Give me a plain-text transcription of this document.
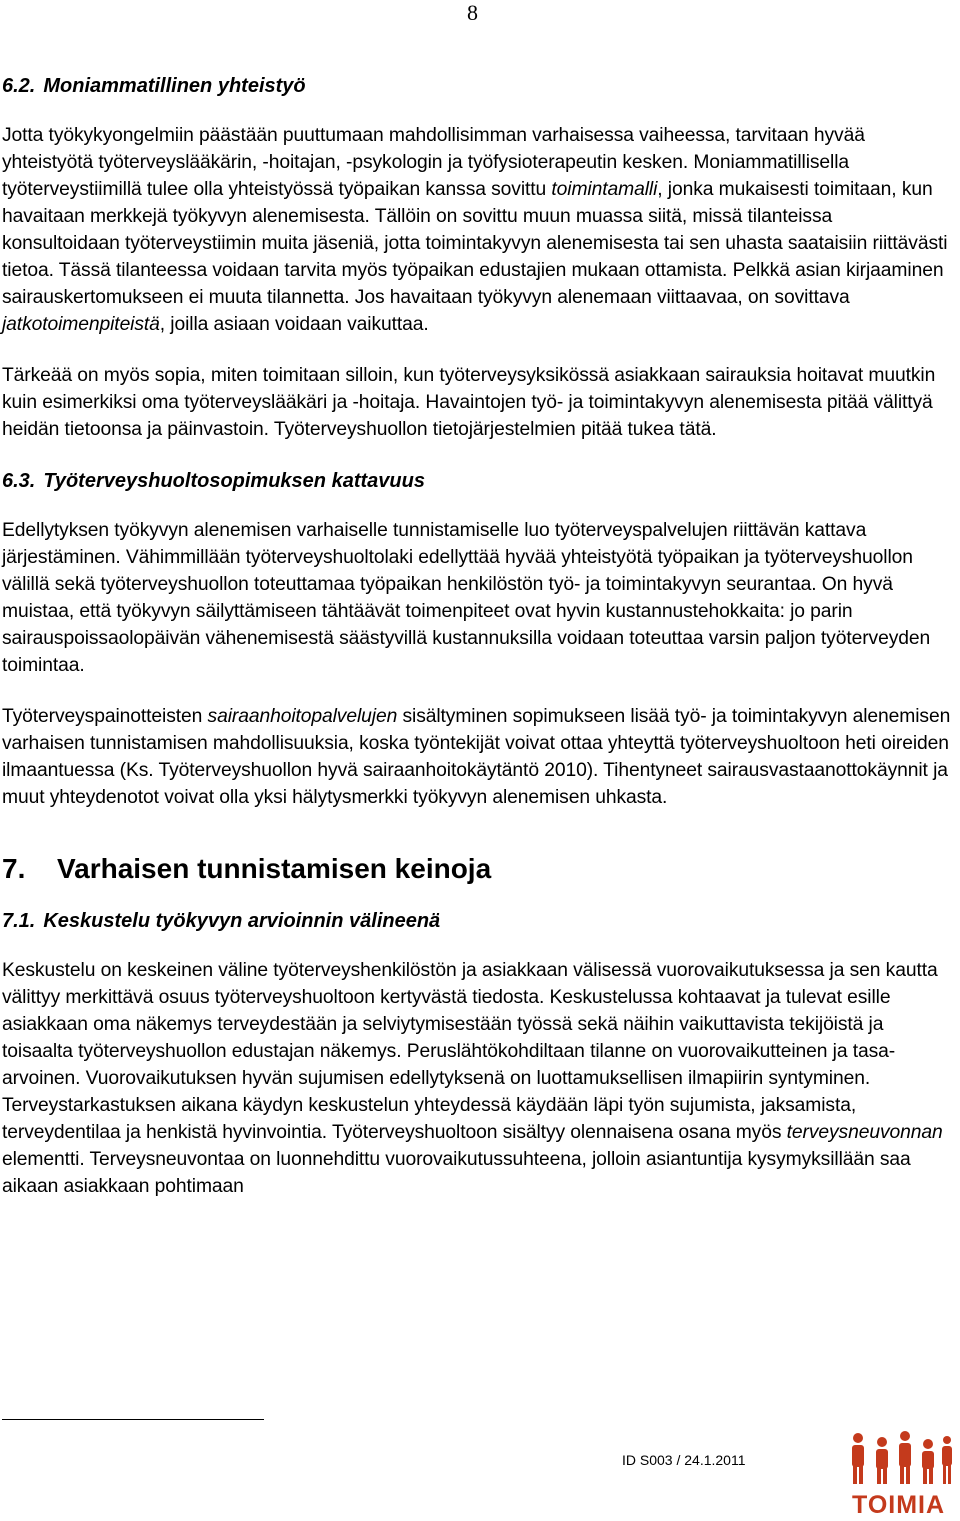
8
6.2. Moniammatillinen yhteistyö

Jotta työkykyongelmiin päästään puuttumaan mahdollisimman varhaisessa vaiheessa, tarvitaan hyvää yhteistyötä työterveyslääkärin, -hoitajan, -psykologin ja työfysioterapeutin kesken. Moniammatillisella työterveystiimillä tulee olla yhteistyössä työpaikan kanssa sovittu toimintamalli, jonka mukaisesti toimitaan, kun havaitaan merkkejä työkyvyn alenemisesta. Tällöin on sovittu muun muassa siitä, missä tilanteissa konsultoidaan työterveystiimin muita jäseniä, jotta toimintakyvyn alenemisesta tai sen uhasta saataisiin riittävästi tietoa. Tässä tilanteessa voidaan tarvita myös työpaikan edustajien mukaan ottamista. Pelkkä asian kirjaaminen sairauskertomukseen ei muuta tilannetta. Jos havaitaan työkyvyn alenemaan viittaavaa, on sovittava jatkotoimenpiteistä, joilla asiaan voidaan vaikuttaa.

Tärkeää on myös sopia, miten toimitaan silloin, kun työterveysyksikössä asiakkaan sairauksia hoitavat muutkin kuin esimerkiksi oma työterveyslääkäri ja -hoitaja. Havaintojen työ- ja toimintakyvyn alenemisesta pitää välittyä heidän tietoonsa ja päinvastoin. Työterveyshuollon tietojärjestelmien pitää tukea tätä.

6.3. Työterveyshuoltosopimuksen kattavuus

Edellytyksen työkyvyn alenemisen varhaiselle tunnistamiselle luo työterveyspalvelujen riittävän kattava järjestäminen. Vähimmillään työterveyshuoltolaki edellyttää hyvää yhteistyötä työpaikan ja työterveyshuollon välillä sekä työterveyshuollon toteuttamaa työpaikan henkilöstön työ- ja toimintakyvyn seurantaa. On hyvä muistaa, että työkyvyn säilyttämiseen tähtäävät toimenpiteet ovat hyvin kustannustehokkaita: jo parin sairauspoissaolopäivän vähenemisestä säästyvillä kustannuksilla voidaan toteuttaa varsin paljon työterveyden toimintaa.

Työterveyspainotteisten sairaanhoitopalvelujen sisältyminen sopimukseen lisää työ- ja toimintakyvyn alenemisen varhaisen tunnistamisen mahdollisuuksia, koska työntekijät voivat ottaa yhteyttä työterveyshuoltoon heti oireiden ilmaantuessa (Ks. Työterveyshuollon hyvä sairaanhoitokäytäntö 2010). Tihentyneet sairausvastaanottokäynnit ja muut yhteydenotot voivat olla yksi hälytysmerkki työkyvyn alenemisen uhkasta.

7. Varhaisen tunnistamisen keinoja
7.1. Keskustelu työkyvyn arvioinnin välineenä

Keskustelu on keskeinen väline työterveyshenkilöstön ja asiakkaan välisessä vuorovaikutuksessa ja sen kautta välittyy merkittävä osuus työterveyshuoltoon kertyvästä tiedosta. Keskustelussa kohtaavat ja tulevat esille asiakkaan oma näkemys terveydestään ja selviytymisestään työssä sekä näihin vaikuttavista tekijöistä ja toisaalta työterveyshuollon edustajan näkemys. Peruslähtökohdiltaan tilanne on vuorovaikutteinen ja tasa-arvoinen. Vuorovaikutuksen hyvän sujumisen edellytyksenä on luottamuksellisen ilmapiirin syntyminen. Terveystarkastuksen aikana käydyn keskustelun yhteydessä käydään läpi työn sujumista, jaksamista, terveydentilaa ja henkistä hyvinvointia. Työterveyshuoltoon sisältyy olennaisena osana myös terveysneuvonnan elementti. Terveysneuvontaa on luonnehdittu vuorovaikutussuhteena, jolloin asiantuntija kysymyksillään saa aikaan asiakkaan pohtimaan

ID S003 / 24.1.2011
TOIMIA
